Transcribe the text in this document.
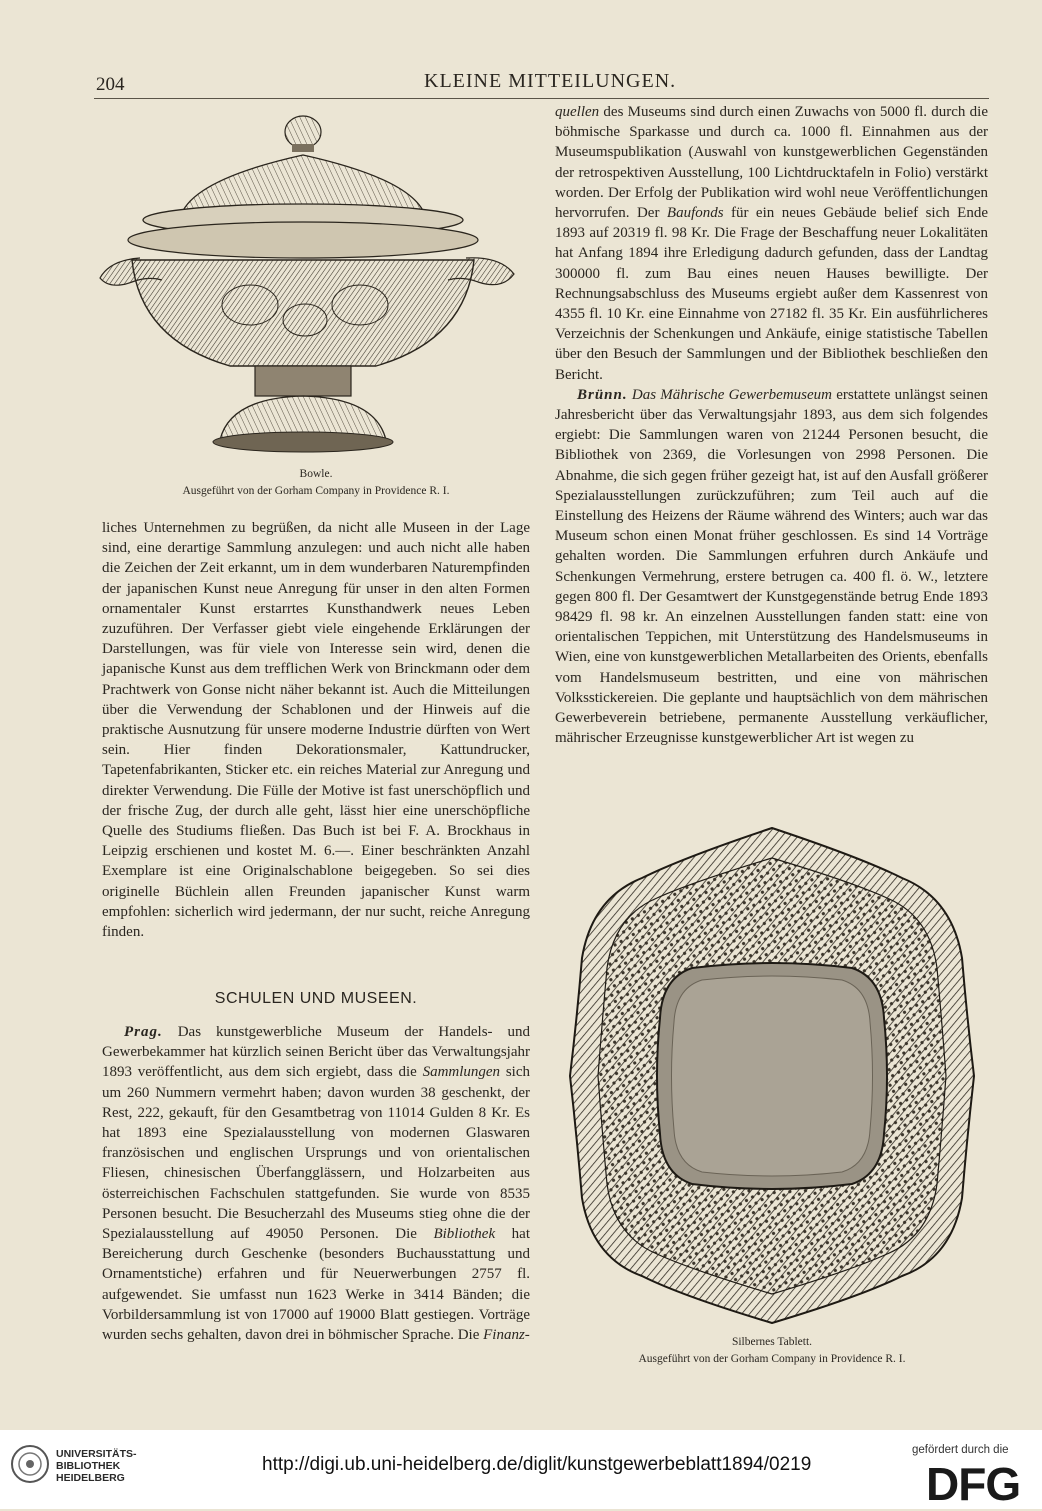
204	KLEINE MITTEILUNGEN.
Bowle.
Ausgeführt von der Gorham Company in Providence R. I.

liches Unternehmen zu begrüßen, da nicht alle Museen in der Lage sind, eine derartige Sammlung anzulegen: und auch nicht alle haben die Zeichen der Zeit erkannt, um in dem wunderbaren Naturempfinden der japanischen Kunst neue Anregung für unser in den alten Formen ornamentaler Kunst erstarrtes Kunsthandwerk neues Leben zuzuführen. Der Verfasser giebt viele eingehende Erklärungen der Darstellungen, was für viele von Interesse sein wird, denen die japanische Kunst aus dem trefflichen Werk von Brinckmann oder dem Prachtwerk von Gonse nicht näher bekannt ist. Auch die Mitteilungen über die Verwendung der Schablonen und der Hinweis auf die praktische Ausnutzung für unsere moderne Industrie dürften von Wert sein. Hier finden Dekorationsmaler, Kattundrucker, Tapetenfabrikanten, Sticker etc. ein reiches Material zur Anregung und direkter Verwendung. Die Fülle der Motive ist fast unerschöpflich und der frische Zug, der durch alle geht, lässt hier eine unerschöpfliche Quelle des Studiums fließen. Das Buch ist bei F. A. Brockhaus in Leipzig erschienen und kostet M. 6.—. Einer beschränkten Anzahl Exemplare ist eine Originalschablone beigegeben. So sei dies originelle Büchlein allen Freunden japanischer Kunst warm empfohlen: sicherlich wird jedermann, der nur sucht, reiche Anregung finden.

SCHULEN UND MUSEEN.

Prag. Das kunstgewerbliche Museum der Handels- und Gewerbekammer hat kürzlich seinen Bericht über das Verwaltungsjahr 1893 veröffentlicht, aus dem sich ergiebt, dass die Sammlungen sich um 260 Nummern vermehrt haben; davon wurden 38 geschenkt, der Rest, 222, gekauft, für den Gesamtbetrag von 11014 Gulden 8 Kr. Es hat 1893 eine Spezialausstellung von modernen Glaswaren französischen und englischen Ursprungs und von orientalischen Fliesen, chinesischen Überfangglässern, und Holzarbeiten aus österreichischen Fachschulen stattgefunden. Sie wurde von 8535 Personen besucht. Die Besucherzahl des Museums stieg ohne die der Spezialausstellung auf 49050 Personen. Die Bibliothek hat Bereicherung durch Geschenke (besonders Buchausstattung und Ornamentstiche) erfahren und für Neuerwerbungen 2757 fl. aufgewendet. Sie umfasst nun 1623 Werke in 3414 Bänden; die Vorbildersammlung ist von 17000 auf 19000 Blatt gestiegen. Vorträge wurden sechs gehalten, davon drei in böhmischer Sprache. Die Finanz-

quellen des Museums sind durch einen Zuwachs von 5000 fl. durch die böhmische Sparkasse und durch ca. 1000 fl. Einnahmen aus der Museumspublikation (Auswahl von kunstgewerblichen Gegenständen der retrospektiven Ausstellung, 100 Lichtdrucktafeln in Folio) verstärkt worden. Der Erfolg der Publikation wird wohl neue Veröffentlichungen hervorrufen. Der Baufonds für ein neues Gebäude belief sich Ende 1893 auf 20319 fl. 98 Kr. Die Frage der Beschaffung neuer Lokalitäten hat Anfang 1894 ihre Erledigung dadurch gefunden, dass der Landtag 300000 fl. zum Bau eines neuen Hauses bewilligte. Der Rechnungsabschluss des Museums ergiebt außer dem Kassenrest von 4355 fl. 10 Kr. eine Einnahme von 27182 fl. 35 Kr. Ein ausführlicheres Verzeichnis der Schenkungen und Ankäufe, einige statistische Tabellen über den Besuch der Sammlungen und der Bibliothek beschließen den Bericht.

Brünn. Das Mährische Gewerbemuseum erstattete unlängst seinen Jahresbericht über das Verwaltungsjahr 1893, aus dem sich folgendes ergiebt: Die Sammlungen waren von 21244 Personen besucht, die Bibliothek von 2369, die Vorlesungen von 2998 Personen. Die Abnahme, die sich gegen früher gezeigt hat, ist auf den Ausfall größerer Spezialausstellungen zurückzuführen; zum Teil auch auf die Einstellung des Heizens der Räume während des Winters; auch war das Museum schon einen Monat früher geschlossen. Es sind 14 Vorträge gehalten worden. Die Sammlungen erfuhren durch Ankäufe und Schenkungen Vermehrung, erstere betrugen ca. 400 fl. ö. W., letztere gegen 800 fl. Der Gesamtwert der Kunstgegenstände betrug Ende 1893 98429 fl. 98 kr. An einzelnen Ausstellungen fanden statt: eine von orientalischen Teppichen, mit Unterstützung des Handelsmuseums in Wien, eine von kunstgewerblichen Metallarbeiten des Orients, ebenfalls vom Handelsmuseum bestritten, und eine von mährischen Volksstickereien. Die geplante und hauptsächlich von dem mährischen Gewerbeverein betriebene, permanente Ausstellung verkäuflicher, mährischer Erzeugnisse kunstgewerblicher Art ist wegen zu

Silbernes Tablett.
Ausgeführt von der Gorham Company in Providence R. I.
UNIVERSITÄTS-
BIBLIOTHEK
HEIDELBERG
http://digi.ub.uni-heidelberg.de/diglit/kunstgewerbeblatt1894/0219
gefördert durch die
DFG
